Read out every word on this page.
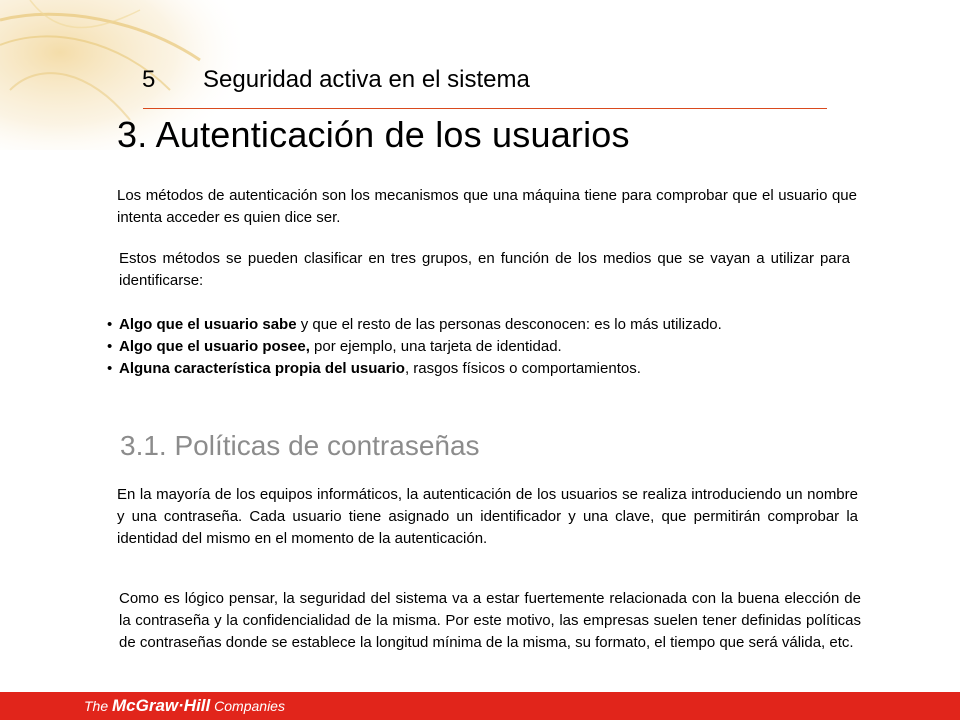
5 Seguridad activa en el sistema
3. Autenticación de los usuarios

Los métodos de autenticación son los mecanismos que una máquina tiene para comprobar que el usuario que intenta acceder es quien dice ser.

Estos métodos se pueden clasificar en tres grupos, en función de los medios que se vayan a utilizar para identificarse:

• Algo que el usuario sabe y que el resto de las personas desconocen: es lo más utilizado.
• Algo que el usuario posee, por ejemplo, una tarjeta de identidad.
• Alguna característica propia del usuario, rasgos físicos o comportamientos.
3.1. Políticas de contraseñas

En la mayoría de los equipos informáticos, la autenticación de los usuarios se realiza introduciendo un nombre y una contraseña. Cada usuario tiene asignado un identificador y una clave, que permitirán comprobar la identidad del mismo en el momento de la autenticación.

Como es lógico pensar, la seguridad del sistema va a estar fuertemente relacionada con la buena elección de la contraseña y la confidencialidad de la misma. Por este motivo, las empresas suelen tener definidas políticas de contraseñas donde se establece la longitud mínima de la misma, su formato, el tiempo que será válida, etc.

The McGraw·Hill Companies
